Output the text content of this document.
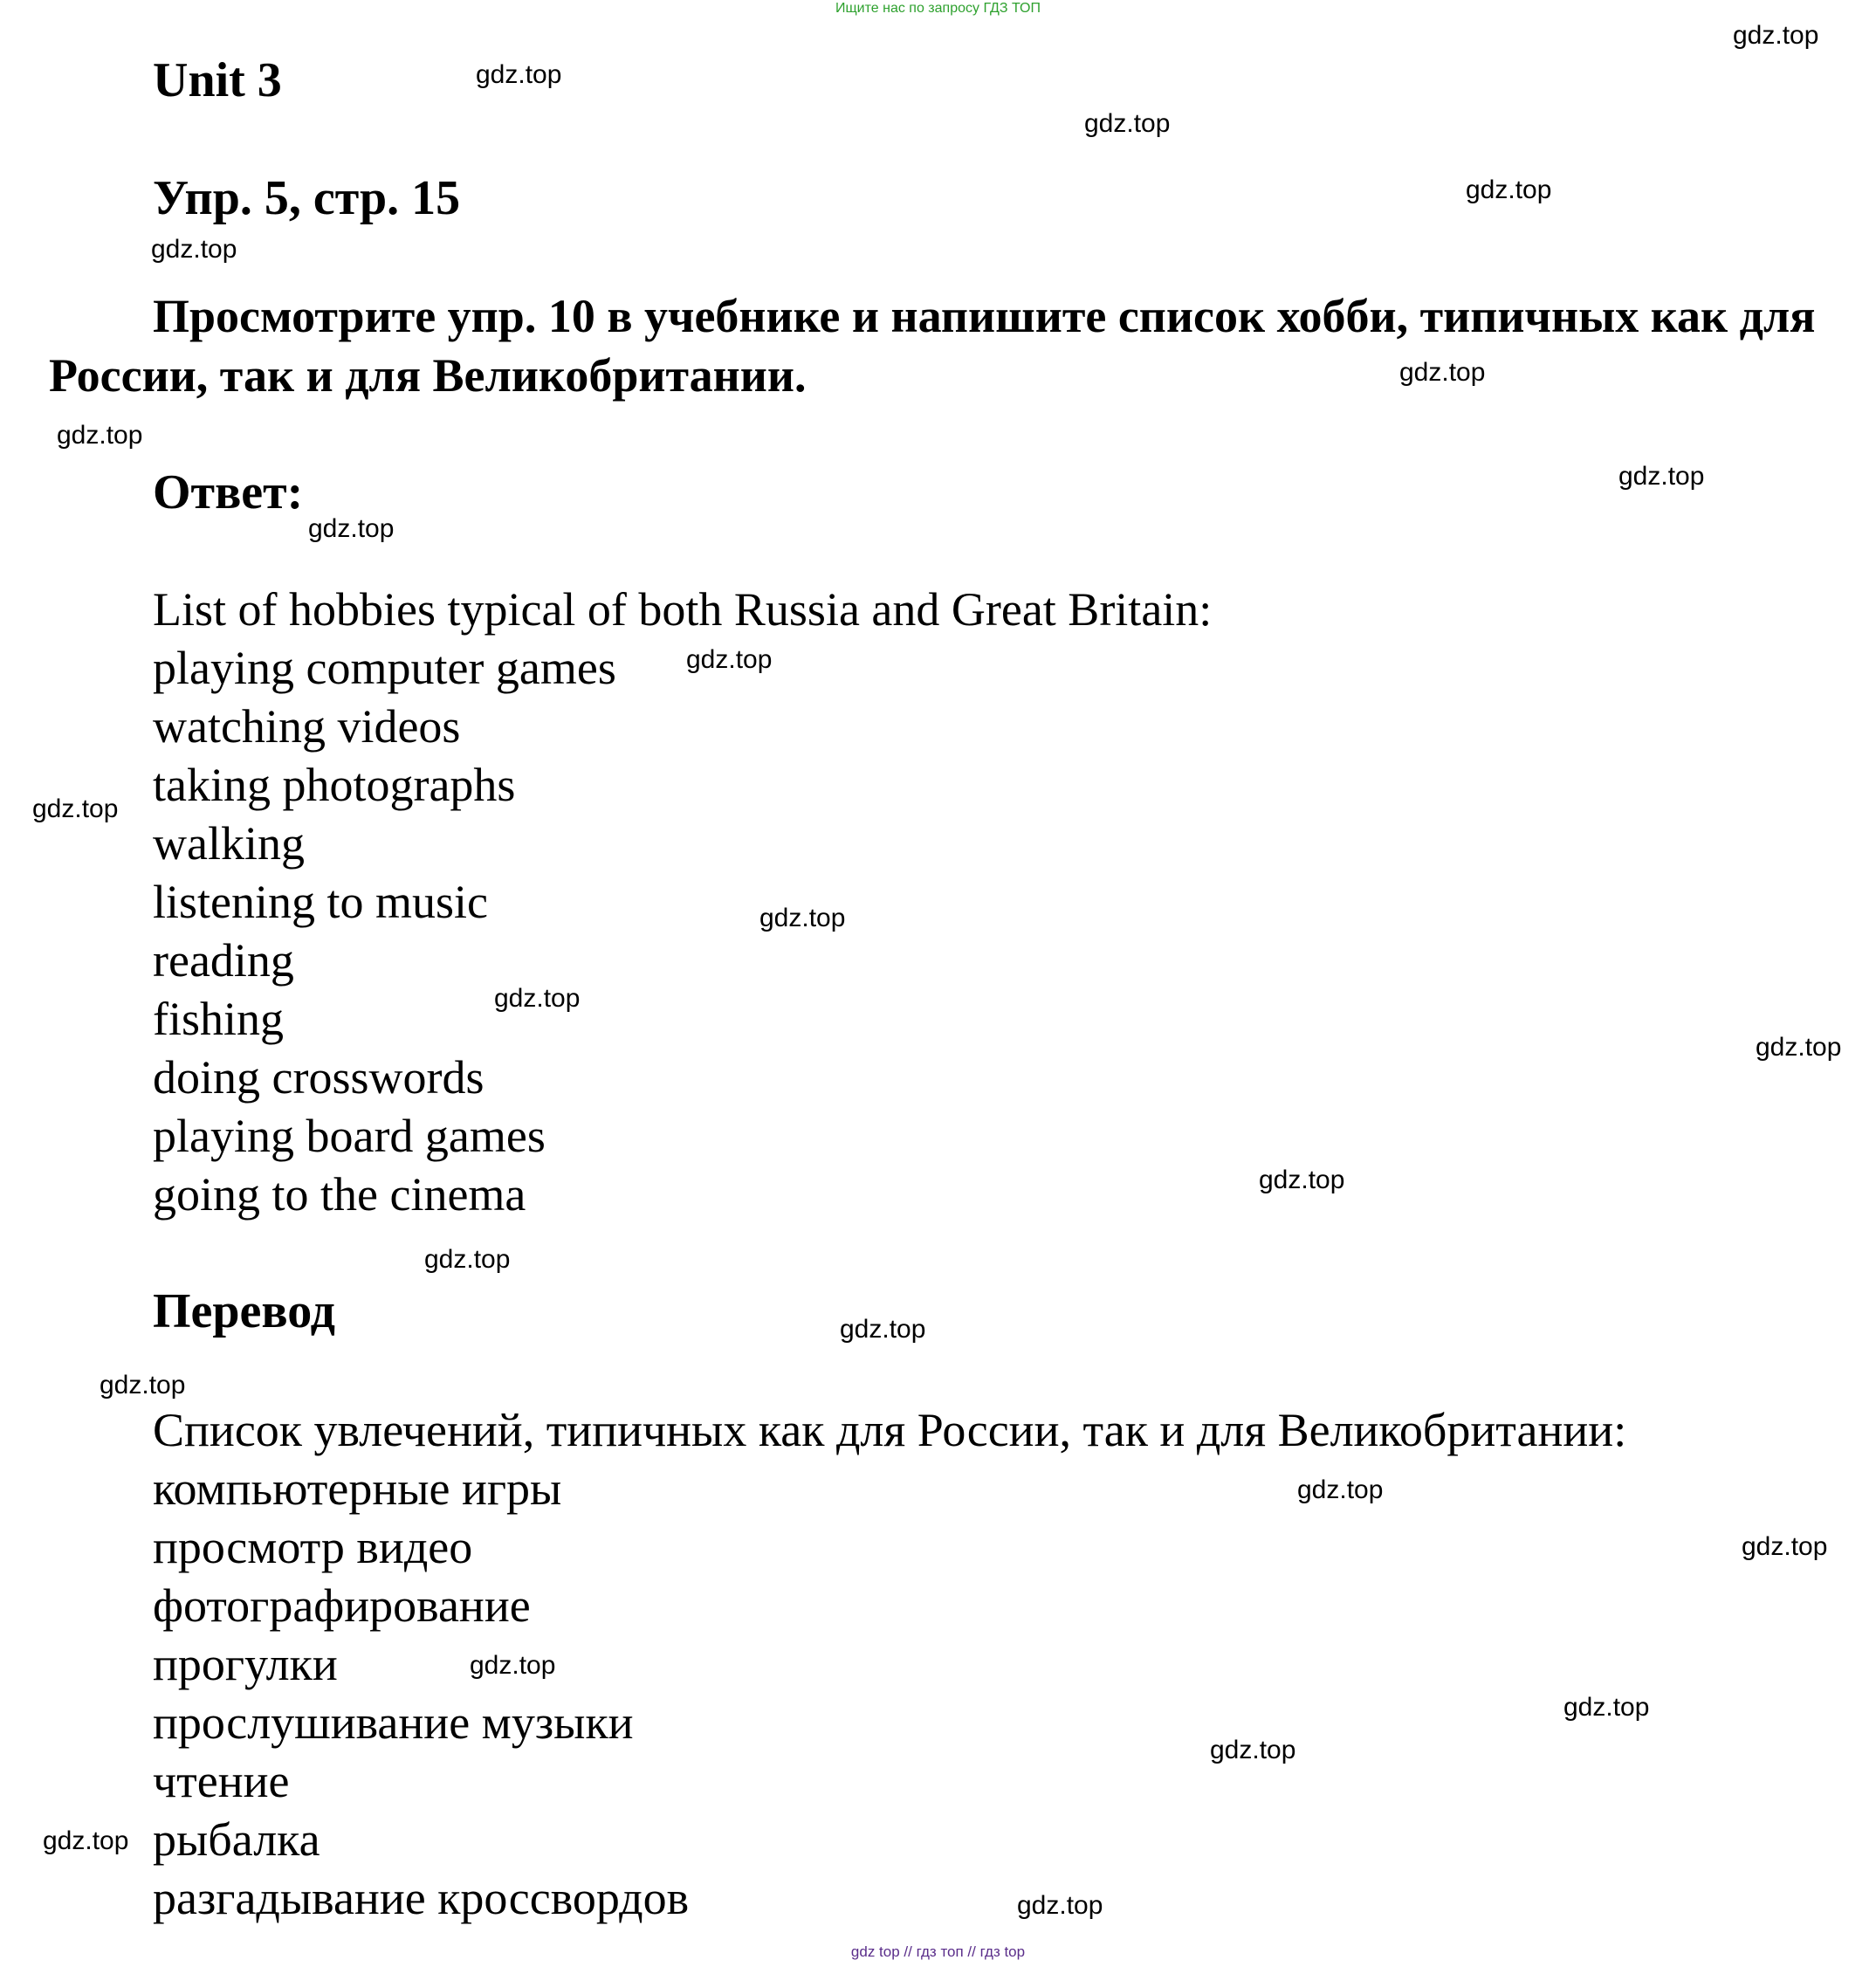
Ищите нас по запросу ГДЗ ТОП
Unit 3
Упр. 5, стр. 15

Просмотрите упр. 10 в учебнике и напишите список хобби, типичных как для России, так и для Великобритании.

Ответ:
List of hobbies typical of both Russia and Great Britain:
playing computer games
watching videos
taking photographs
walking
listening to music
reading
fishing
doing crosswords
playing board games
going to the cinema
Перевод
Список увлечений, типичных как для России, так и для Великобритании:
компьютерные игры
просмотр видео
фотографирование
прогулки
прослушивание музыки
чтение
рыбалка
разгадывание кроссвордов
gdz.top
gdz.top
gdz.top
gdz.top
gdz.top
gdz.top
gdz.top
gdz.top
gdz.top
gdz.top
gdz.top
gdz.top
gdz.top
gdz.top
gdz.top
gdz.top
gdz.top
gdz.top
gdz.top
gdz.top
gdz.top
gdz.top
gdz.top
gdz.top
gdz.top
gdz top // гдз топ // гдз top
